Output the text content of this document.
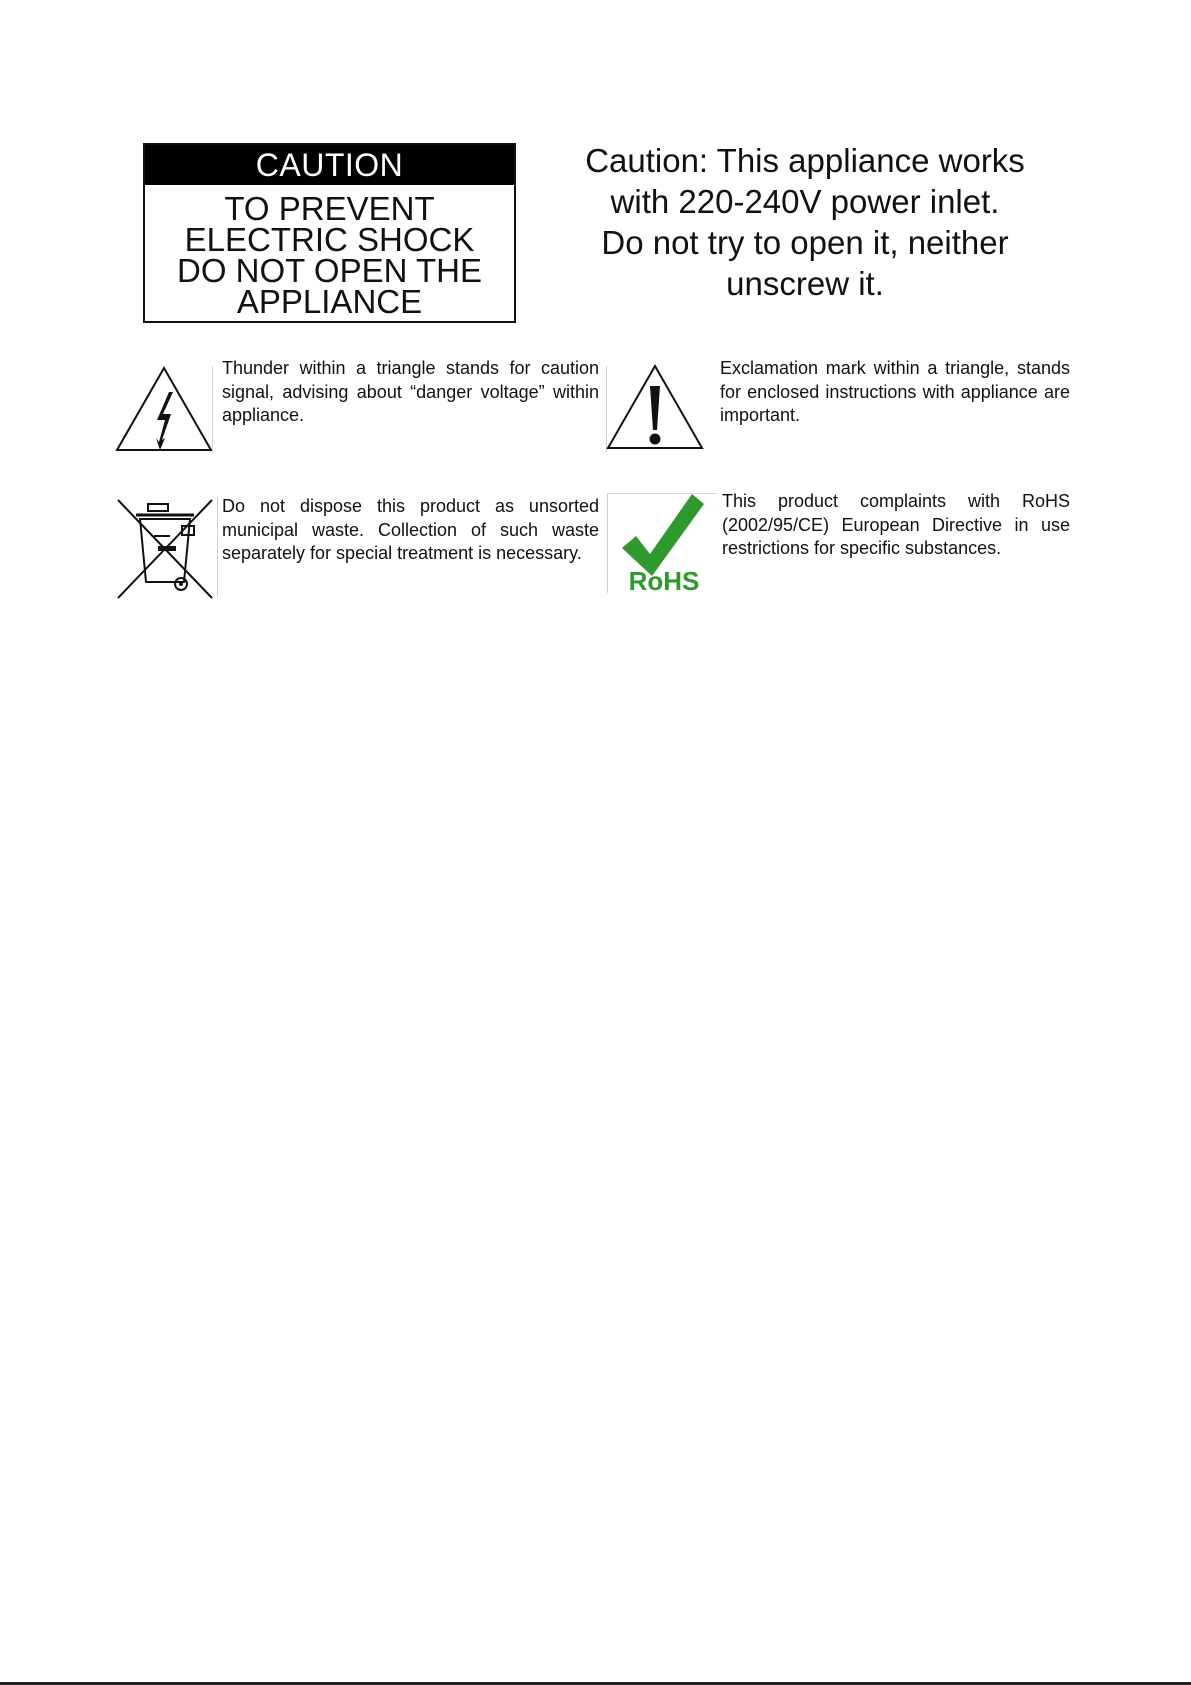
CAUTION
TO PREVENT
ELECTRIC SHOCK
DO NOT OPEN THE
APPLIANCE
Caution: This appliance works
with 220-240V power inlet.
Do not try to open it, neither
unscrew it.
Thunder within a triangle stands for caution signal, advising about “danger voltage” within appliance.
Exclamation mark within a triangle, stands for enclosed instructions with appliance are important.
Do not dispose this product as unsorted municipal waste. Collection of such waste separately for special treatment is necessary.
RoHS
This product complaints with RoHS (2002/95/CE) European Directive in use restrictions for specific substances.
